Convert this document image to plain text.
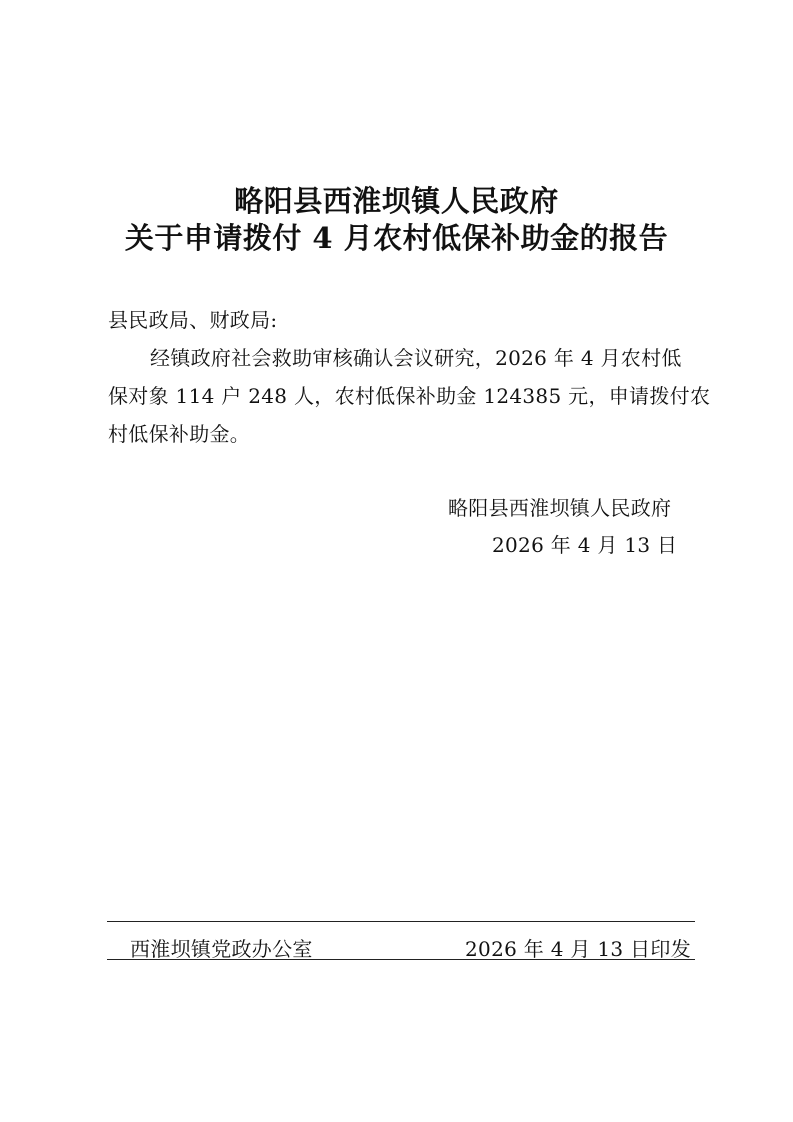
略阳县西淮坝镇人民政府
关于申请拨付 4 月农村低保补助金的报告
县民政局、财政局:
经镇政府社会救助审核确认会议研究，2026 年 4 月农村低
保对象 114 户 248 人，农村低保补助金 124385 元，申请拨付农
村低保补助金。
略阳县西淮坝镇人民政府
2026 年 4 月 13 日
西淮坝镇党政办公室	2026 年 4 月 13 日印发
